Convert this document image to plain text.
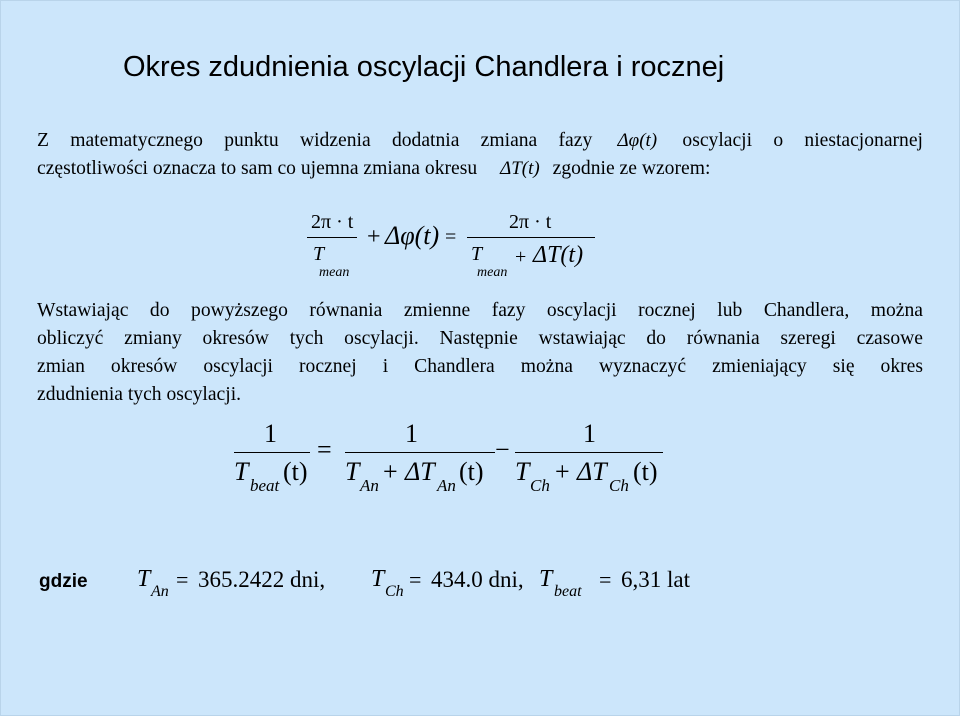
Okres zdudnienia oscylacji Chandlera i rocznej
Z matematycznego punktu widzenia dodatnia zmiana fazy Δφ(t) oscylacji o niestacjonarnej
częstotliwości oznacza to sam co ujemna zmiana okresu ΔT(t) zgodnie ze wzorem:
2π · t
T
mean
+ Δφ(t) =
2π · t
T
mean
+ ΔT(t)
Wstawiając do powyższego równania zmienne fazy oscylacji rocznej lub Chandlera, można
obliczyć zmiany okresów tych oscylacji. Następnie wstawiając do równania szeregi czasowe
zmian okresów oscylacji rocznej i Chandlera można wyznaczyć zmieniający się okres
zdudnienia tych oscylacji.
1
T beat (t)
=
1
T An + ΔT An (t)
−
1
T Ch + ΔT Ch (t)
gdzie T An = 365.2422 dni, T Ch = 434.0 dni, T beat = 6,31 lat
